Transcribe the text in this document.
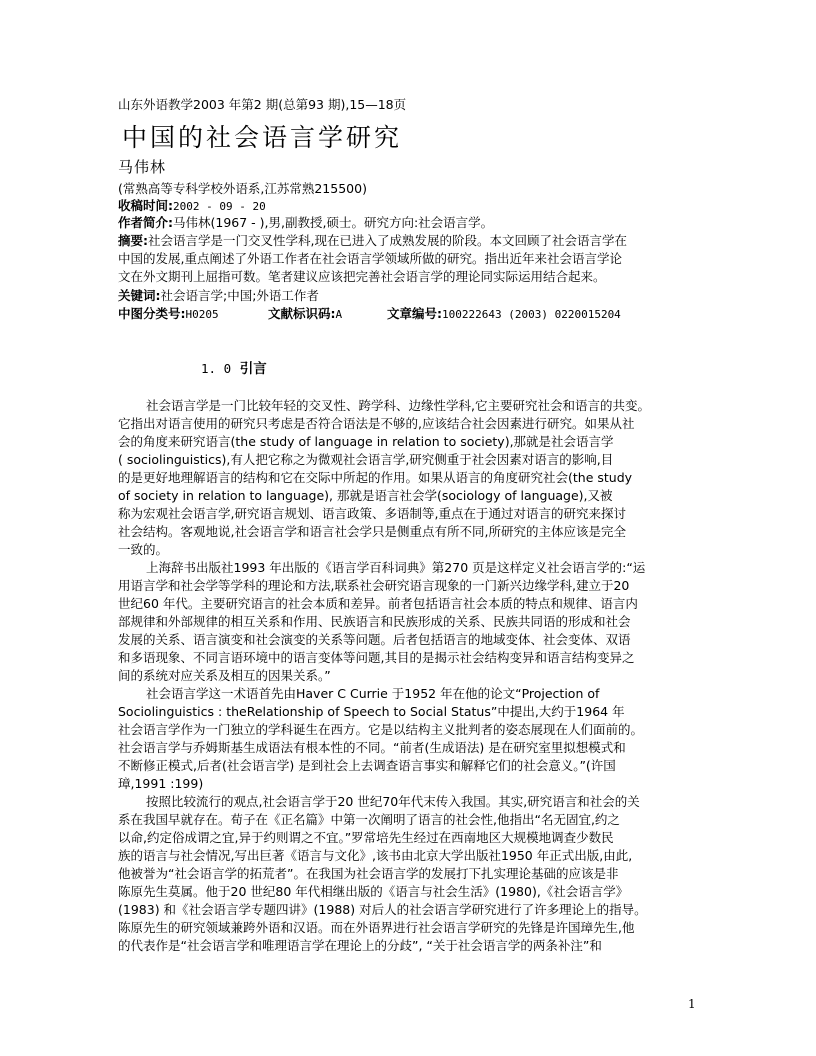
山东外语教学2003 年第2 期(总第93 期),15—18页
中国的社会语言学研究
马伟林
(常熟高等专科学校外语系,江苏常熟215500)
收稿时间:2002 - 09 - 20
作者简介:马伟林(1967 - ),男,副教授,硕士。研究方向:社会语言学。
摘要:社会语言学是一门交叉性学科,现在已进入了成熟发展的阶段。本文回顾了社会语言学在
中国的发展,重点阐述了外语工作者在社会语言学领域所做的研究。指出近年来社会语言学论
文在外文期刊上屈指可数。笔者建议应该把完善社会语言学的理论同实际运用结合起来。
关键词:社会语言学;中国;外语工作者
中图分类号:H0205	文献标识码:A	文章编号:100222643 (2003) 0220015204
1. 0 引言
社会语言学是一门比较年轻的交叉性、跨学科、边缘性学科,它主要研究社会和语言的共变。
它指出对语言使用的研究只考虑是否符合语法是不够的,应该结合社会因素进行研究。如果从社
会的角度来研究语言(the study of language in relation to society),那就是社会语言学
( sociolinguistics),有人把它称之为微观社会语言学,研究侧重于社会因素对语言的影响,目
的是更好地理解语言的结构和它在交际中所起的作用。如果从语言的角度研究社会(the study
of society in relation to language), 那就是语言社会学(sociology of language),又被
称为宏观社会语言学,研究语言规划、语言政策、多语制等,重点在于通过对语言的研究来探讨
社会结构。客观地说,社会语言学和语言社会学只是侧重点有所不同,所研究的主体应该是完全
一致的。
上海辞书出版社1993 年出版的《语言学百科词典》第270 页是这样定义社会语言学的:“运
用语言学和社会学等学科的理论和方法,联系社会研究语言现象的一门新兴边缘学科,建立于20
世纪60 年代。主要研究语言的社会本质和差异。前者包括语言社会本质的特点和规律、语言内
部规律和外部规律的相互关系和作用、民族语言和民族形成的关系、民族共同语的形成和社会
发展的关系、语言演变和社会演变的关系等问题。后者包括语言的地域变体、社会变体、双语
和多语现象、不同言语环境中的语言变体等问题,其目的是揭示社会结构变异和语言结构变异之
间的系统对应关系及相互的因果关系。”
社会语言学这一术语首先由Haver C Currie 于1952 年在他的论文“Projection of
Sociolinguistics : theRelationship of Speech to Social Status”中提出,大约于1964 年
社会语言学作为一门独立的学科诞生在西方。它是以结构主义批判者的姿态展现在人们面前的。
社会语言学与乔姆斯基生成语法有根本性的不同。“前者(生成语法) 是在研究室里拟想模式和
不断修正模式,后者(社会语言学) 是到社会上去调查语言事实和解释它们的社会意义。”(许国
璋,1991 :199)
按照比较流行的观点,社会语言学于20 世纪70年代末传入我国。其实,研究语言和社会的关
系在我国早就存在。荀子在《正名篇》中第一次阐明了语言的社会性,他指出“名无固宜,约之
以命,约定俗成谓之宜,异于约则谓之不宜。”罗常培先生经过在西南地区大规模地调查少数民
族的语言与社会情况,写出巨著《语言与文化》,该书由北京大学出版社1950 年正式出版,由此,
他被誉为“社会语言学的拓荒者”。在我国为社会语言学的发展打下扎实理论基础的应该是非
陈原先生莫属。他于20 世纪80 年代相继出版的《语言与社会生活》(1980),《社会语言学》
(1983) 和《社会语言学专题四讲》(1988) 对后人的社会语言学研究进行了许多理论上的指导。
陈原先生的研究领域兼跨外语和汉语。而在外语界进行社会语言学研究的先锋是许国璋先生,他
的代表作是“社会语言学和唯理语言学在理论上的分歧”, “关于社会语言学的两条补注”和
1
